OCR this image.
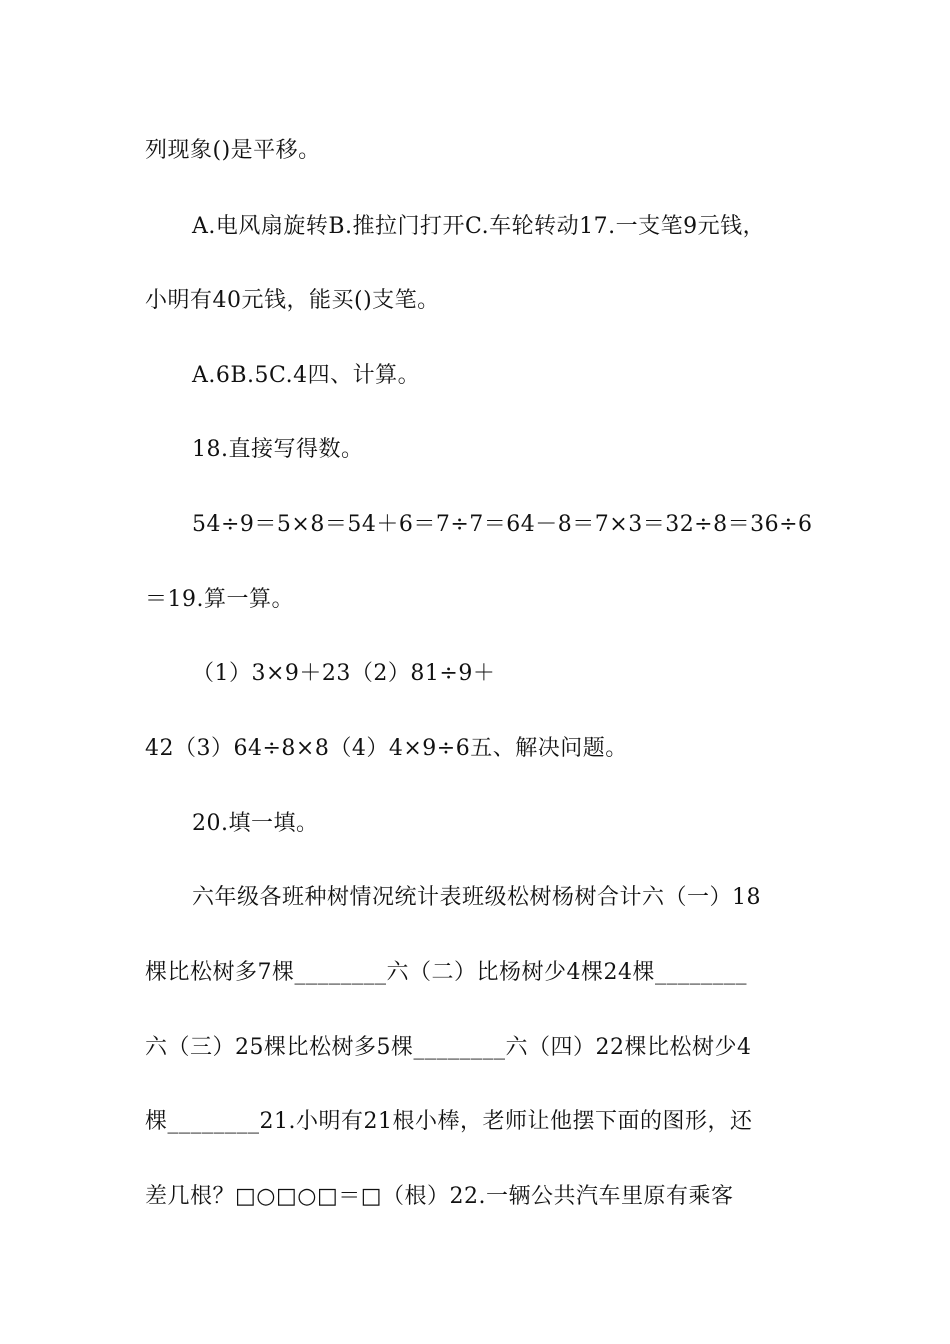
列现象()是平移。
A.电风扇旋转B.推拉门打开C.车轮转动17.一支笔9元钱，
小明有40元钱，能买()支笔。
A.6B.5C.4四、计算。
18.直接写得数。
54÷9＝5×8＝54＋6＝7÷7＝64－8＝7×3＝32÷8＝36÷6
＝19.算一算。
（1）3×9＋23（2）81÷9＋
42（3）64÷8×8（4）4×9÷6五、解决问题。
20.填一填。
六年级各班种树情况统计表班级松树杨树合计六（一）18
棵比松树多7棵________六（二）比杨树少4棵24棵________
六（三）25棵比松树多5棵________六（四）22棵比松树少4
棵________21.小明有21根小棒，老师让他摆下面的图形，还
差几根？□○□○□＝□（根）22.一辆公共汽车里原有乘客
